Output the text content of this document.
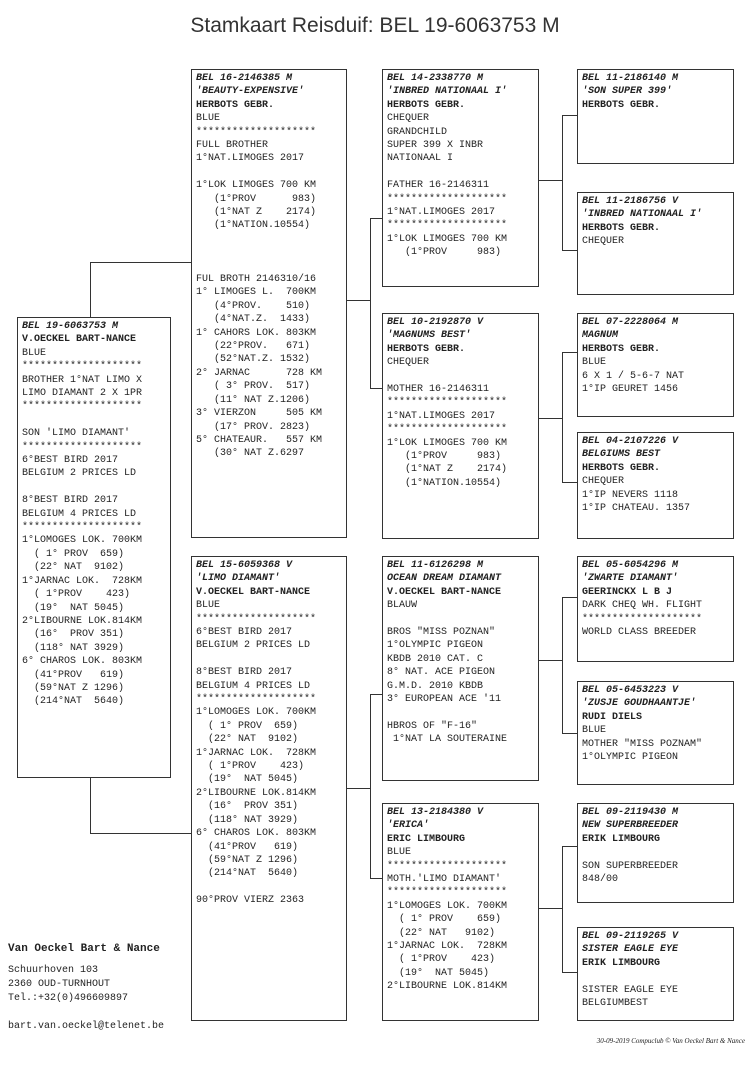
Stamkaart Reisduif: BEL 19-6063753 M
BEL 19-6063753 M
V.OECKEL BART-NANCE
BLUE
********************
BROTHER 1°NAT LIMO X
LIMO DIAMANT 2 X 1PR
********************
SON 'LIMO DIAMANT'
********************
6°BEST BIRD 2017
BELGIUM 2 PRICES LD
8°BEST BIRD 2017
BELGIUM 4 PRICES LD
********************
1°LOMOGES LOK. 700KM
( 1° PROV  659)
(22° NAT  9102)
1°JARNAC LOK.  728KM
( 1°PROV    423)
(19°  NAT 5045)
2°LIBOURNE LOK.814KM
(16°  PROV 351)
(118° NAT 3929)
6° CHAROS LOK. 803KM
(41°PROV   619)
(59°NAT Z 1296)
(214°NAT  5640)
BEL 16-2146385 M
'BEAUTY-EXPENSIVE'
HERBOTS GEBR.
BLUE
********************
FULL BROTHER
1°NAT.LIMOGES 2017
1°LOK LIMOGES 700 KM
(1°PROV      983)
(1°NAT Z    2174)
(1°NATION.10554)
FUL BROTH 2146310/16
1° LIMOGES L.  700KM
(4°PROV.    510)
(4°NAT.Z.  1433)
1° CAHORS LOK. 803KM
(22°PROV.   671)
(52°NAT.Z. 1532)
2° JARNAC      728 KM
( 3° PROV.  517)
(11° NAT Z.1206)
3° VIERZON     505 KM
(17° PROV. 2823)
5° CHATEAUR.   557 KM
(30° NAT Z.6297
BEL 15-6059368 V
'LIMO DIAMANT'
V.OECKEL BART-NANCE
BLUE
********************
6°BEST BIRD 2017
BELGIUM 2 PRICES LD
8°BEST BIRD 2017
BELGIUM 4 PRICES LD
********************
1°LOMOGES LOK. 700KM
( 1° PROV  659)
(22° NAT  9102)
1°JARNAC LOK.  728KM
( 1°PROV    423)
(19°  NAT 5045)
2°LIBOURNE LOK.814KM
(16°  PROV 351)
(118° NAT 3929)
6° CHAROS LOK. 803KM
(41°PROV   619)
(59°NAT Z 1296)
(214°NAT  5640)
90°PROV VIERZ 2363
BEL 14-2338770 M
'INBRED NATIONAAL I'
HERBOTS GEBR.
CHEQUER
GRANDCHILD
SUPER 399 X INBR
NATIONAAL I
FATHER 16-2146311
********************
1°NAT.LIMOGES 2017
********************
1°LOK LIMOGES 700 KM
(1°PROV     983)
BEL 10-2192870 V
'MAGNUMS BEST'
HERBOTS GEBR.
CHEQUER
MOTHER 16-2146311
********************
1°NAT.LIMOGES 2017
********************
1°LOK LIMOGES 700 KM
(1°PROV     983)
(1°NAT Z    2174)
(1°NATION.10554)
BEL 11-6126298 M
OCEAN DREAM DIAMANT
V.OECKEL BART-NANCE
BLAUW
BROS "MISS POZNAN"
1°OLYMPIC PIGEON
KBDB 2010 CAT. C
8° NAT. ACE PIGEON
G.M.D. 2010 KBDB
3° EUROPEAN ACE '11
HBROS OF "F-16"
1°NAT LA SOUTERAINE
BEL 13-2184380 V
'ERICA'
ERIC LIMBOURG
BLUE
********************
MOTH.'LIMO DIAMANT'
********************
1°LOMOGES LOK. 700KM
( 1° PROV    659)
(22° NAT   9102)
1°JARNAC LOK.  728KM
( 1°PROV    423)
(19°  NAT 5045)
2°LIBOURNE LOK.814KM
BEL 11-2186140 M
'SON SUPER 399'
HERBOTS GEBR.
BEL 11-2186756 V
'INBRED NATIONAAL I'
HERBOTS GEBR.
CHEQUER
BEL 07-2228064 M
MAGNUM
HERBOTS GEBR.
BLUE
6 X 1 / 5-6-7 NAT
1°IP GEURET 1456
BEL 04-2107226 V
BELGIUMS BEST
HERBOTS GEBR.
CHEQUER
1°IP NEVERS 1118
1°IP CHATEAU. 1357
BEL 05-6054296 M
'ZWARTE DIAMANT'
GEERINCKX L B J
DARK CHEQ WH. FLIGHT
********************
WORLD CLASS BREEDER
BEL 05-6453223 V
'ZUSJE GOUDHAANTJE'
RUDI DIELS
BLUE
MOTHER "MISS POZNAM"
1°OLYMPIC PIGEON
BEL 09-2119430 M
NEW SUPERBREEDER
ERIK LIMBOURG
SON SUPERBREEDER
848/00
BEL 09-2119265 V
SISTER EAGLE EYE
ERIK LIMBOURG
SISTER EAGLE EYE
BELGIUMBEST
Van Oeckel Bart & Nance
Schuurhoven 103
2360 OUD-TURNHOUT
Tel.:+32(0)496609897
bart.van.oeckel@telenet.be
30-09-2019 Compuclub © Van Oeckel Bart & Nance
